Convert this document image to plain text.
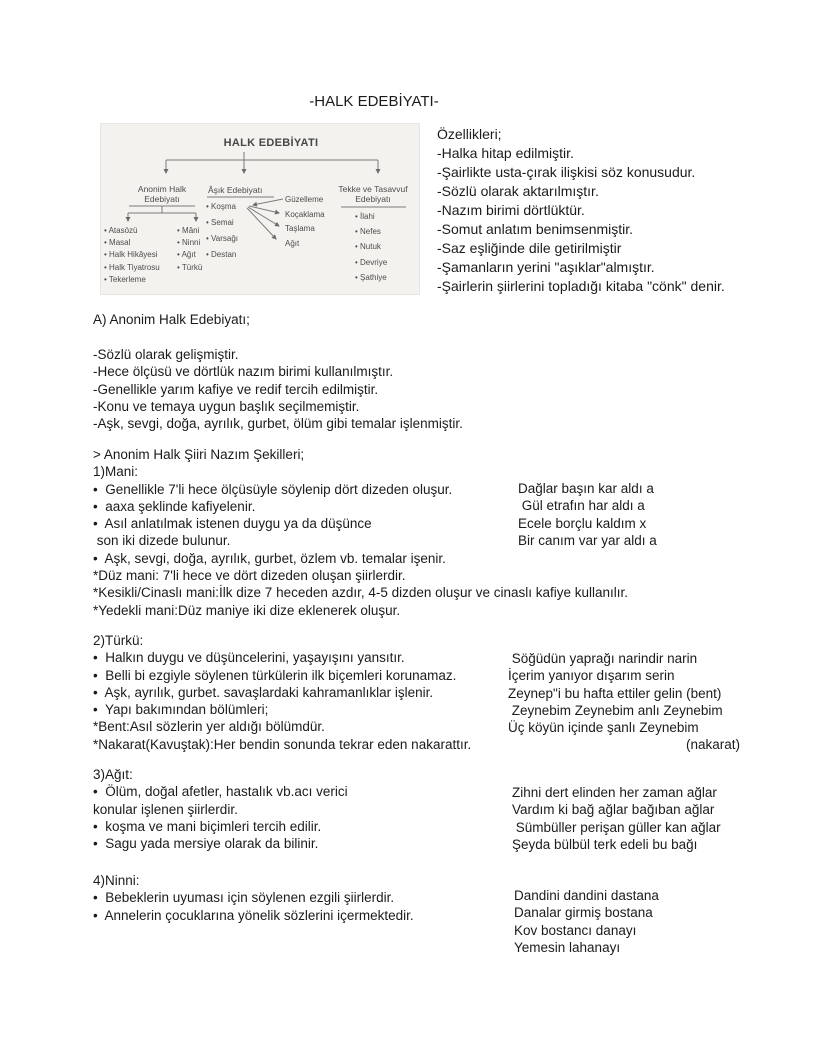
-HALK EDEBİYATI-
HALK EDEBİYATI
Anonim Halk
Edebiyatı
Âşık Edebiyatı	Tekke ve Tasavvuf
Edebiyatı
• Atasözü
• Masal
• Halk Hikâyesi
• Halk Tiyatrosu
• Tekerleme
• Mâni
• Ninni
• Ağıt
• Türkü
• Koşma
• Semai
• Varsağı
• Destan
Güzelleme
Koçaklama
Taşlama
Ağıt
• İlahi
• Nefes
• Nutuk
• Devriye
• Şathiye
Özellikleri;
-Halka hitap edilmiştir.
-Şairlikte usta-çırak ilişkisi söz konusudur.
-Sözlü olarak aktarılmıştır.
-Nazım birimi dörtlüktür.
-Somut anlatım benimsenmiştir.
-Saz eşliğinde dile getirilmiştir
-Şamanların yerini "aşıklar"almıştır.
-Şairlerin şiirlerini topladığı kitaba "cönk" denir.
A) Anonim Halk Edebiyatı;
-Sözlü olarak gelişmiştir.
-Hece ölçüsü ve dörtlük nazım birimi kullanılmıştır.
-Genellikle yarım kafiye ve redif tercih edilmiştir.
-Konu ve temaya uygun başlık seçilmemiştir.
-Aşk, sevgi, doğa, ayrılık, gurbet, ölüm gibi temalar işlenmiştir.
> Anonim Halk Şiiri Nazım Şekilleri;
1)Mani:
•  Genellikle 7'li hece ölçüsüyle söylenip dört dizeden oluşur.
•  aaxa şeklinde kafiyelenir.
•  Asıl anlatılmak istenen duygu ya da düşünce
son iki dizede bulunur.
•  Aşk, sevgi, doğa, ayrılık, gurbet, özlem vb. temalar işenir.
*Düz mani: 7'li hece ve dört dizeden oluşan şiirlerdir.
*Kesikli/Cinaslı mani:İlk dize 7 heceden azdır, 4-5 dizden oluşur ve cinaslı kafiye kullanılır.
*Yedekli mani:Düz maniye iki dize eklenerek oluşur.
Dağlar başın kar aldı a
Gül etrafın har aldı a
Ecele borçlu kaldım x
Bir canım var yar aldı a
2)Türkü:
•  Halkın duygu ve düşüncelerini, yaşayışını yansıtır.
•  Belli bi ezgiyle söylenen türkülerin ilk biçemleri korunamaz.
•  Aşk, ayrılık, gurbet. savaşlardaki kahramanlıklar işlenir.
•  Yapı bakımından bölümleri;
*Bent:Asıl sözlerin yer aldığı bölümdür.
*Nakarat(Kavuştak):Her bendin sonunda tekrar eden nakarattır.
Söğüdün yaprağı narindir narin
İçerim yanıyor dışarım serin
Zeynep"i bu hafta ettiler gelin (bent)
Zeynebim Zeynebim anlı Zeynebim
Üç köyün içinde şanlı Zeynebim
(nakarat)
3)Ağıt:
•  Ölüm, doğal afetler, hastalık vb.acı verici
konular işlenen şiirlerdir.
•  koşma ve mani biçimleri tercih edilir.
•  Sagu yada mersiye olarak da bilinir.
Zihni dert elinden her zaman ağlar
Vardım ki bağ ağlar bağıban ağlar
Sümbüller perişan güller kan ağlar
Şeyda bülbül terk edeli bu bağı
4)Ninni:
•  Bebeklerin uyuması için söylenen ezgili şiirlerdir.
•  Annelerin çocuklarına yönelik sözlerini içermektedir.
Dandini dandini dastana
Danalar girmiş bostana
Kov bostancı danayı
Yemesin lahanayı
